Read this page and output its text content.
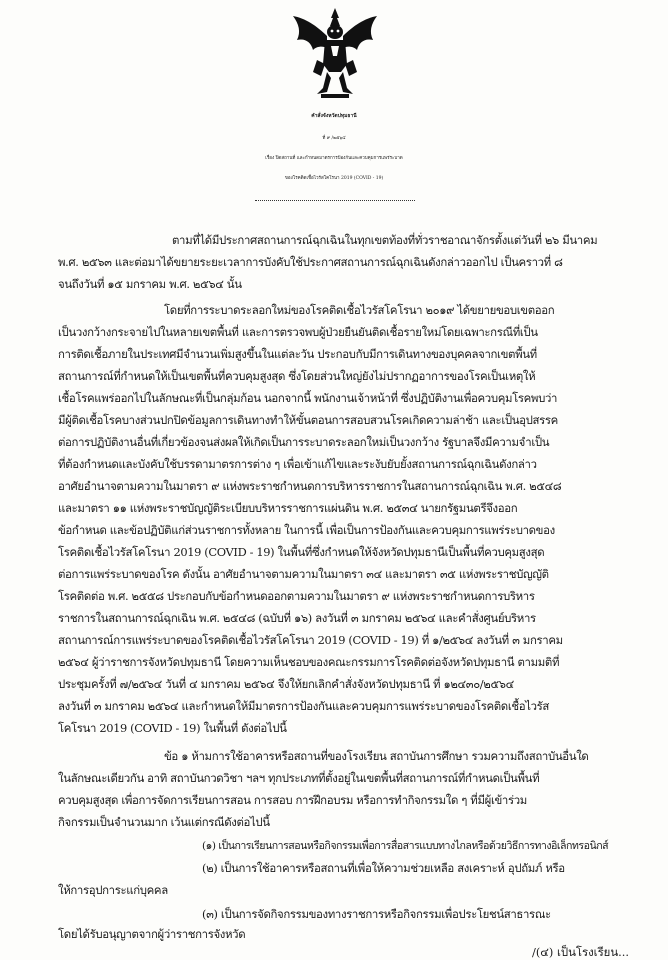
คำสั่งจังหวัดปทุมธานี
ที่ ๙ /๒๕๖๔
เรื่อง ปิดสถานที่ และกำหนดมาตรการป้องกันและควบคุมการแพร่ระบาด
ของโรคติดเชื้อไวรัสโคโรนา 2019 (COVID - 19)
ตามที่ได้มีประกาศสถานการณ์ฉุกเฉินในทุกเขตท้องที่ทั่วราชอาณาจักรตั้งแต่วันที่ ๒๖ มีนาคม
พ.ศ. ๒๕๖๓ และต่อมาได้ขยายระยะเวลาการบังคับใช้ประกาศสถานการณ์ฉุกเฉินดังกล่าวออกไป เป็นคราวที่ ๘
จนถึงวันที่ ๑๕ มกราคม พ.ศ. ๒๕๖๔ นั้น
โดยที่การระบาดระลอกใหม่ของโรคติดเชื้อไวรัสโคโรนา ๒๐๑๙ ได้ขยายขอบเขตออก
เป็นวงกว้างกระจายไปในหลายเขตพื้นที่ และการตรวจพบผู้ป่วยยืนยันติดเชื้อรายใหม่โดยเฉพาะกรณีที่เป็น
การติดเชื้อภายในประเทศมีจำนวนเพิ่มสูงขึ้นในแต่ละวัน ประกอบกับมีการเดินทางของบุคคลจากเขตพื้นที่
สถานการณ์ที่กำหนดให้เป็นเขตพื้นที่ควบคุมสูงสุด ซึ่งโดยส่วนใหญ่ยังไม่ปรากฏอาการของโรคเป็นเหตุให้
เชื้อโรคแพร่ออกไปในลักษณะที่เป็นกลุ่มก้อน นอกจากนี้ พนักงานเจ้าหน้าที่ ซึ่งปฏิบัติงานเพื่อควบคุมโรคพบว่า
มีผู้ติดเชื้อโรคบางส่วนปกปิดข้อมูลการเดินทางทำให้ขั้นตอนการสอบสวนโรคเกิดความล่าช้า และเป็นอุปสรรค
ต่อการปฏิบัติงานอื่นที่เกี่ยวข้องจนส่งผลให้เกิดเป็นการระบาดระลอกใหม่เป็นวงกว้าง รัฐบาลจึงมีความจำเป็น
ที่ต้องกำหนดและบังคับใช้บรรดามาตรการต่าง ๆ เพื่อเข้าแก้ไขและระงับยับยั้งสถานการณ์ฉุกเฉินดังกล่าว
อาศัยอำนาจตามความในมาตรา ๙ แห่งพระราชกำหนดการบริหารราชการในสถานการณ์ฉุกเฉิน พ.ศ. ๒๕๔๘
และมาตรา ๑๑ แห่งพระราชบัญญัติระเบียบบริหารราชการแผ่นดิน พ.ศ. ๒๕๓๔ นายกรัฐมนตรีจึงออก
ข้อกำหนด และข้อปฏิบัติแก่ส่วนราชการทั้งหลาย ในการนี้ เพื่อเป็นการป้องกันและควบคุมการแพร่ระบาดของ
โรคติดเชื้อไวรัสโคโรนา 2019 (COVID - 19) ในพื้นที่ซึ่งกำหนดให้จังหวัดปทุมธานีเป็นพื้นที่ควบคุมสูงสุด
ต่อการแพร่ระบาดของโรค ดังนั้น อาศัยอำนาจตามความในมาตรา ๓๔ และมาตรา ๓๕ แห่งพระราชบัญญัติ
โรคติดต่อ พ.ศ. ๒๕๕๘ ประกอบกับข้อกำหนดออกตามความในมาตรา ๙ แห่งพระราชกำหนดการบริหาร
ราชการในสถานการณ์ฉุกเฉิน พ.ศ. ๒๕๔๘ (ฉบับที่ ๑๖) ลงวันที่ ๓ มกราคม ๒๕๖๔ และคำสั่งศูนย์บริหาร
สถานการณ์การแพร่ระบาดของโรคติดเชื้อไวรัสโคโรนา 2019 (COVID - 19) ที่ ๑/๒๕๖๔ ลงวันที่ ๓ มกราคม
๒๕๖๔ ผู้ว่าราชการจังหวัดปทุมธานี โดยความเห็นชอบของคณะกรรมการโรคติดต่อจังหวัดปทุมธานี ตามมติที่
ประชุมครั้งที่ ๗/๒๕๖๔ วันที่ ๔ มกราคม ๒๕๖๔ จึงให้ยกเลิกคำสั่งจังหวัดปทุมธานี ที่ ๑๒๔๓๐/๒๕๖๔
ลงวันที่ ๓ มกราคม ๒๕๖๔ และกำหนดให้มีมาตรการป้องกันและควบคุมการแพร่ระบาดของโรคติดเชื้อไวรัส
โคโรนา 2019 (COVID - 19) ในพื้นที่ ดังต่อไปนี้
ข้อ ๑ ห้ามการใช้อาคารหรือสถานที่ของโรงเรียน สถาบันการศึกษา รวมความถึงสถาบันอื่นใด
ในลักษณะเดียวกัน อาทิ สถาบันกวดวิชา ฯลฯ ทุกประเภทที่ตั้งอยู่ในเขตพื้นที่สถานการณ์ที่กำหนดเป็นพื้นที่
ควบคุมสูงสุด เพื่อการจัดการเรียนการสอน การสอบ การฝึกอบรม หรือการทำกิจกรรมใด ๆ ที่มีผู้เข้าร่วม
กิจกรรมเป็นจำนวนมาก เว้นแต่กรณีดังต่อไปนี้
(๑) เป็นการเรียนการสอนหรือกิจกรรมเพื่อการสื่อสารแบบทางไกลหรือด้วยวิธีการทางอิเล็กทรอนิกส์
(๒) เป็นการใช้อาคารหรือสถานที่เพื่อให้ความช่วยเหลือ สงเคราะห์ อุปถัมภ์ หรือ
ให้การอุปการะแก่บุคคล
(๓) เป็นการจัดกิจกรรมของทางราชการหรือกิจกรรมเพื่อประโยชน์สาธารณะ
โดยได้รับอนุญาตจากผู้ว่าราชการจังหวัด
/(๔) เป็นโรงเรียน...
